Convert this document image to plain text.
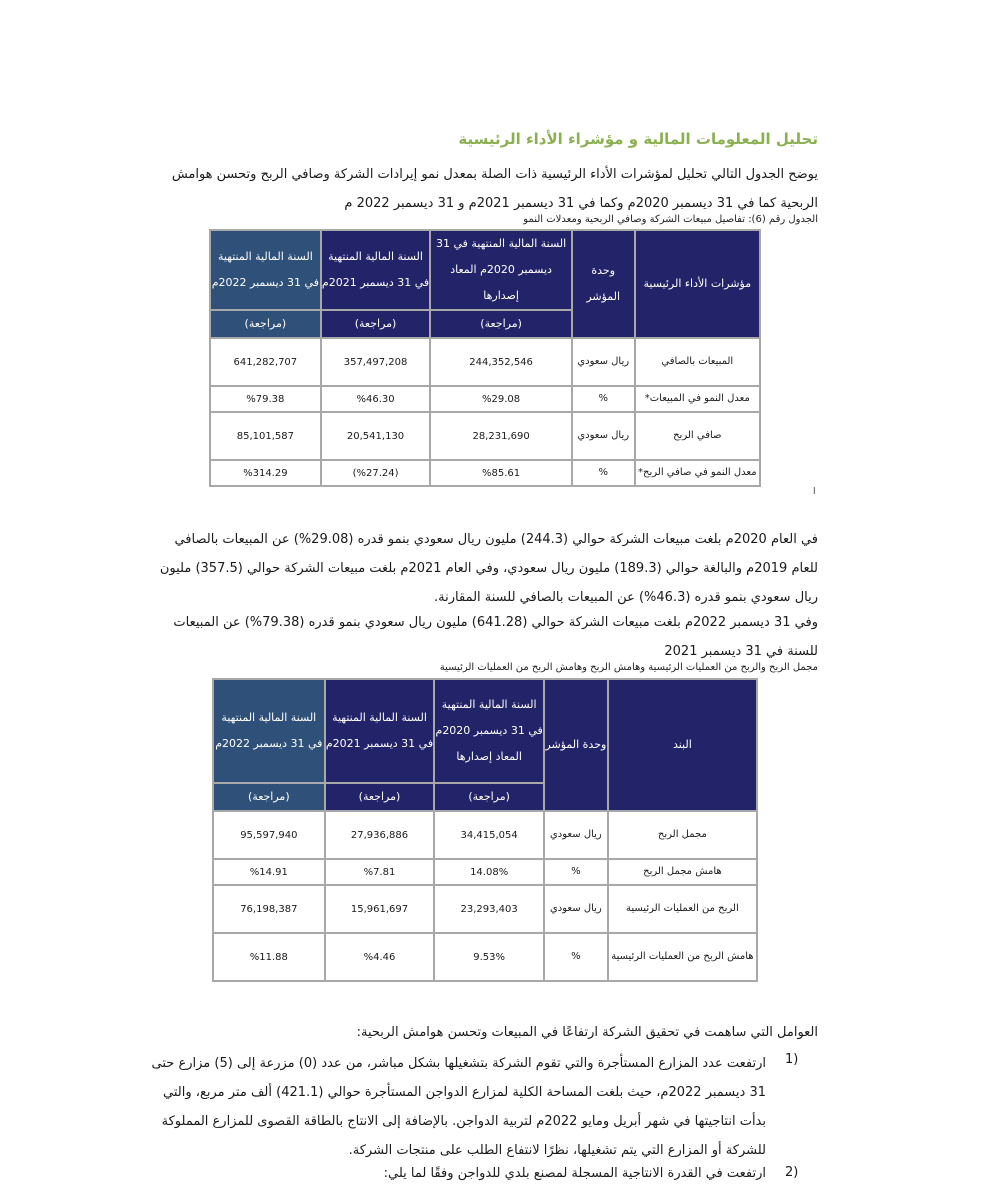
تحليل المعلومات المالية و مؤشراء الأداء الرئيسية
يوضح الجدول التالي تحليل لمؤشرات الأداء الرئيسية ذات الصلة بمعدل نمو إيرادات الشركة وصافي الربح وتحسن هوامش الربحية كما في 31 ديسمبر 2020م وكما في 31 ديسمبر 2021م و 31 ديسمبر 2022 م
الجدول رقم (6): تفاصيل مبيعات الشركة وصافي الربحية ومعدلات النمو
مؤشرات الأداء الرئيسية	وحدة المؤشر	السنة المالية المنتهية في 31 ديسمبر 2020م المعاد إصدارها	السنة المالية المنتهية في 31 ديسمبر 2021م	السنة المالية المنتهية في 31 ديسمبر 2022م
		(مراجعة)	(مراجعة)	(مراجعة)
المبيعات بالصافي	ريال سعودي	244,352,546	357,497,208	641,282,707
معدل النمو في المبيعات*	%	%29.08	%46.30	%79.38
صافي الربح	ريال سعودي	28,231,690	20,541,130	85,101,587
معدل النمو في صافي الربح*	%	%85.61	(%27.24)	%314.29
ا
في العام 2020م بلغت مبيعات الشركة حوالي (244.3) مليون ريال سعودي بنمو قدره (29.08%) عن المبيعات بالصافي للعام 2019م والبالغة حوالي (189.3) مليون ريال سعودي، وفي العام 2021م بلغت مبيعات الشركة حوالي (357.5) مليون ريال سعودي بنمو قدره (46.3%) عن المبيعات بالصافي للسنة المقارنة.
وفي 31 ديسمبر 2022م بلغت مبيعات الشركة حوالي (641.28) مليون ريال سعودي بنمو قدره (79.38%) عن المبيعات للسنة في 31 ديسمبر 2021
مجمل الربح والربح من العمليات الرئيسية وهامش الربح وهامش الربح من العمليات الرئيسية
البند	وحدة المؤشر	السنة المالية المنتهية في 31 ديسمبر 2020م المعاد إصدارها	السنة المالية المنتهية في 31 ديسمبر 2021م	السنة المالية المنتهية في 31 ديسمبر 2022م
		(مراجعة)	(مراجعة)	(مراجعة)
مجمل الربح	ريال سعودي	34,415,054	27,936,886	95,597,940
هامش مجمل الربح	%	14.08%	%7.81	%14.91
الربح من العمليات الرئيسية	ريال سعودي	23,293,403	15,961,697	76,198,387
هامش الربح من العمليات الرئيسية	%	9.53%	%4.46	%11.88
العوامل التي ساهمت في تحقيق الشركة ارتفاعًا في المبيعات وتحسن هوامش الربحية:
1)
ارتفعت عدد المزارع المستأجرة والتي تقوم الشركة بتشغيلها بشكل مباشر، من عدد (0) مزرعة إلى (5) مزارع حتى 31 ديسمبر 2022م، حيث بلغت المساحة الكلية لمزارع الدواجن المستأجرة حوالي (421.1) ألف متر مربع، والتي بدأت انتاجيتها في شهر أبريل ومايو 2022م لتربية الدواجن. بالإضافة إلى الانتاج بالطاقة القصوى للمزارع المملوكة للشركة أو المزارع التي يتم تشغيلها، نظرًا لانتفاع الطلب على منتجات الشركة.
2)
ارتفعت في القدرة الانتاجية المسجلة لمصنع بلدي للدواجن وفقًا لما يلي:
